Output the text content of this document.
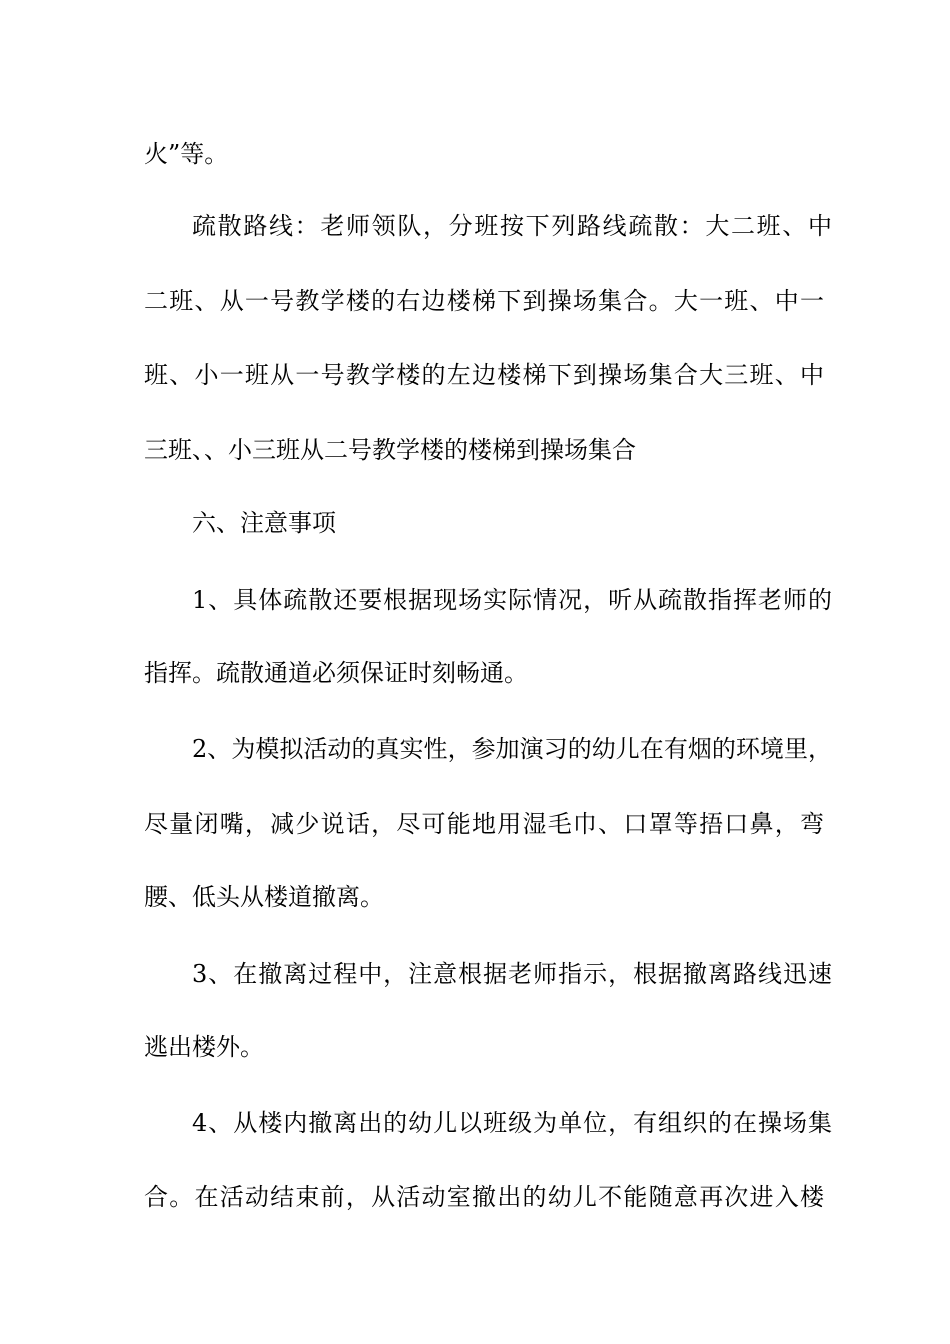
火”等。
疏散路线：老师领队，分班按下列路线疏散：大二班、中
二班、从一号教学楼的右边楼梯下到操场集合。大一班、中一
班、小一班从一号教学楼的左边楼梯下到操场集合大三班、中
三班、、小三班从二号教学楼的楼梯到操场集合
六、注意事项
1、具体疏散还要根据现场实际情况，听从疏散指挥老师的
指挥。疏散通道必须保证时刻畅通。
2、为模拟活动的真实性，参加演习的幼儿在有烟的环境里，
尽量闭嘴，减少说话，尽可能地用湿毛巾、口罩等捂口鼻，弯
腰、低头从楼道撤离。
3、在撤离过程中，注意根据老师指示，根据撤离路线迅速
逃出楼外。
4、从楼内撤离出的幼儿以班级为单位，有组织的在操场集
合。在活动结束前，从活动室撤出的幼儿不能随意再次进入楼
